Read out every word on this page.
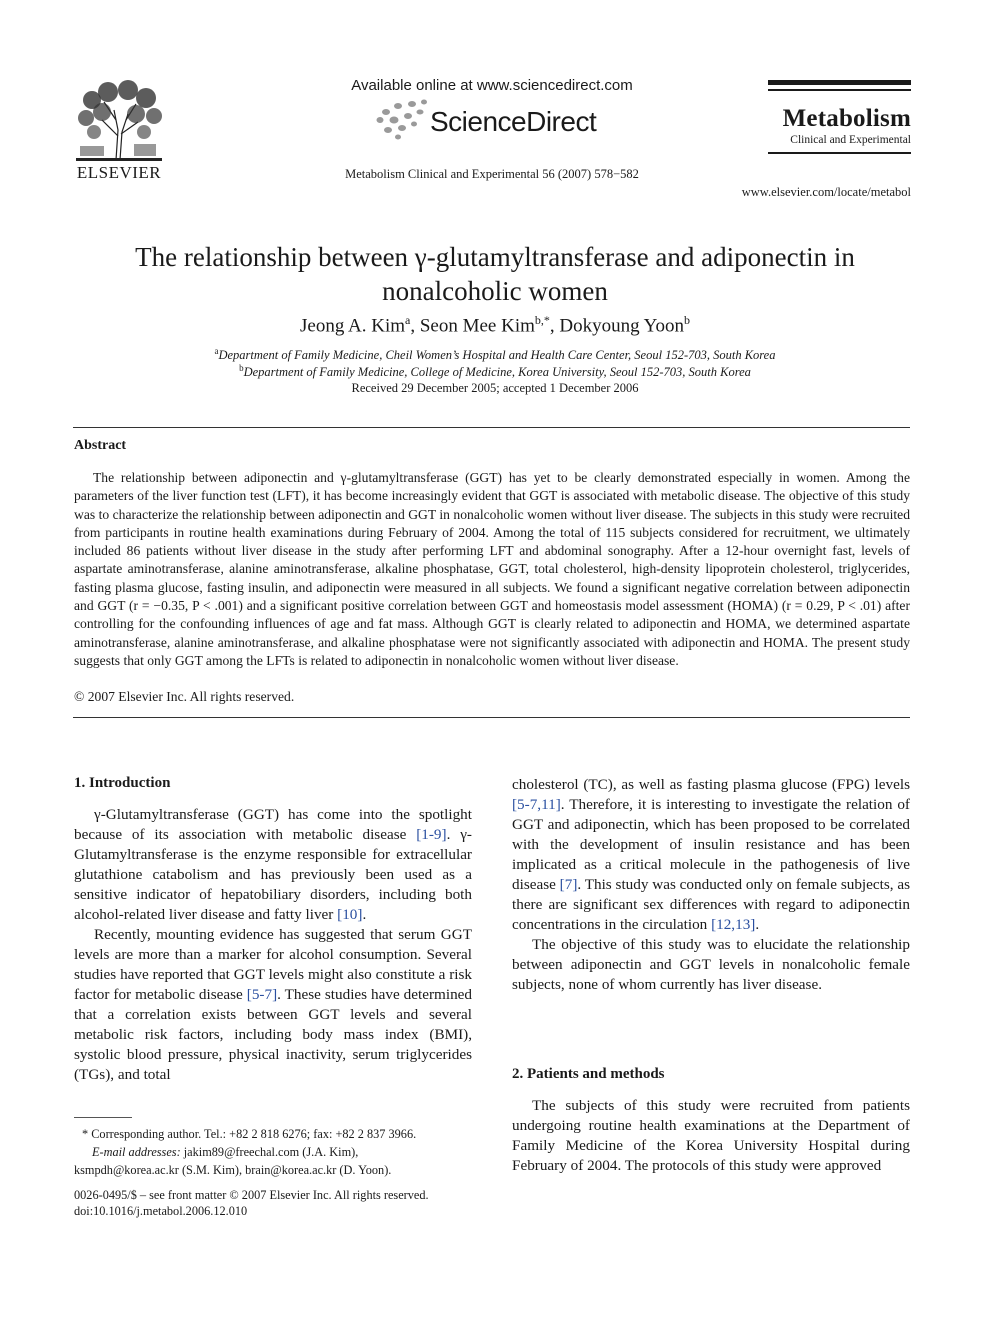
ELSEVIER
Available online at www.sciencedirect.com
ScienceDirect
Metabolism Clinical and Experimental 56 (2007) 578−582
Metabolism
Clinical and Experimental
www.elsevier.com/locate/metabol
The relationship between γ-glutamyltransferase and adiponectin in
nonalcoholic women
Jeong A. Kim$^a$, Seon Mee Kim$^{b,*}$, Dokyoung Yoon$^b$
$^a$Department of Family Medicine, Cheil Women’s Hospital and Health Care Center, Seoul 152-703, South Korea
$^b$Department of Family Medicine, College of Medicine, Korea University, Seoul 152-703, South Korea
Received 29 December 2005; accepted 1 December 2006
Abstract

The relationship between adiponectin and γ-glutamyltransferase (GGT) has yet to be clearly demonstrated especially in women. Among the parameters of the liver function test (LFT), it has become increasingly evident that GGT is associated with metabolic disease. The objective of this study was to characterize the relationship between adiponectin and GGT in nonalcoholic women without liver disease. The subjects in this study were recruited from participants in routine health examinations during February of 2004. Among the total of 115 subjects considered for recruitment, we ultimately included 86 patients without liver disease in the study after performing LFT and abdominal sonography. After a 12-hour overnight fast, levels of aspartate aminotransferase, alanine aminotransferase, alkaline phosphatase, GGT, total cholesterol, high-density lipoprotein cholesterol, triglycerides, fasting plasma glucose, fasting insulin, and adiponectin were measured in all subjects. We found a significant negative correlation between adiponectin and GGT (r = −0.35, P < .001) and a significant positive correlation between GGT and homeostasis model assessment (HOMA) (r = 0.29, P < .01) after controlling for the confounding influences of age and fat mass. Although GGT is clearly related to adiponectin and HOMA, we determined aspartate aminotransferase, alanine aminotransferase, and alkaline phosphatase were not significantly associated with adiponectin and HOMA. The present study suggests that only GGT among the LFTs is related to adiponectin in nonalcoholic women without liver disease.

© 2007 Elsevier Inc. All rights reserved.
1. Introduction

γ-Glutamyltransferase (GGT) has come into the spotlight because of its association with metabolic disease [1-9]. γ-Glutamyltransferase is the enzyme responsible for extracellular glutathione catabolism and has previously been used as a sensitive indicator of hepatobiliary disorders, including both alcohol-related liver disease and fatty liver [10].

Recently, mounting evidence has suggested that serum GGT levels are more than a marker for alcohol consumption. Several studies have reported that GGT levels might also constitute a risk factor for metabolic disease [5-7]. These studies have determined that a correlation exists between GGT levels and several metabolic risk factors, including body mass index (BMI), systolic blood pressure, physical inactivity, serum triglycerides (TGs), and total

* Corresponding author. Tel.: +82 2 818 6276; fax: +82 2 837 3966.
E-mail addresses: jakim89@freechal.com (J.A. Kim),
ksmpdh@korea.ac.kr (S.M. Kim), brain@korea.ac.kr (D. Yoon).
0026-0495/$ – see front matter © 2007 Elsevier Inc. All rights reserved.
doi:10.1016/j.metabol.2006.12.010

cholesterol (TC), as well as fasting plasma glucose (FPG) levels [5-7,11]. Therefore, it is interesting to investigate the relation of GGT and adiponectin, which has been proposed to be correlated with the development of insulin resistance and has been implicated as a critical molecule in the pathogenesis of live disease [7]. This study was conducted only on female subjects, as there are significant sex differences with regard to adiponectin concentrations in the circulation [12,13].

The objective of this study was to elucidate the relationship between adiponectin and GGT levels in nonalcoholic female subjects, none of whom currently has liver disease.

2. Patients and methods

The subjects of this study were recruited from patients undergoing routine health examinations at the Department of Family Medicine of the Korea University Hospital during February of 2004. The protocols of this study were approved
